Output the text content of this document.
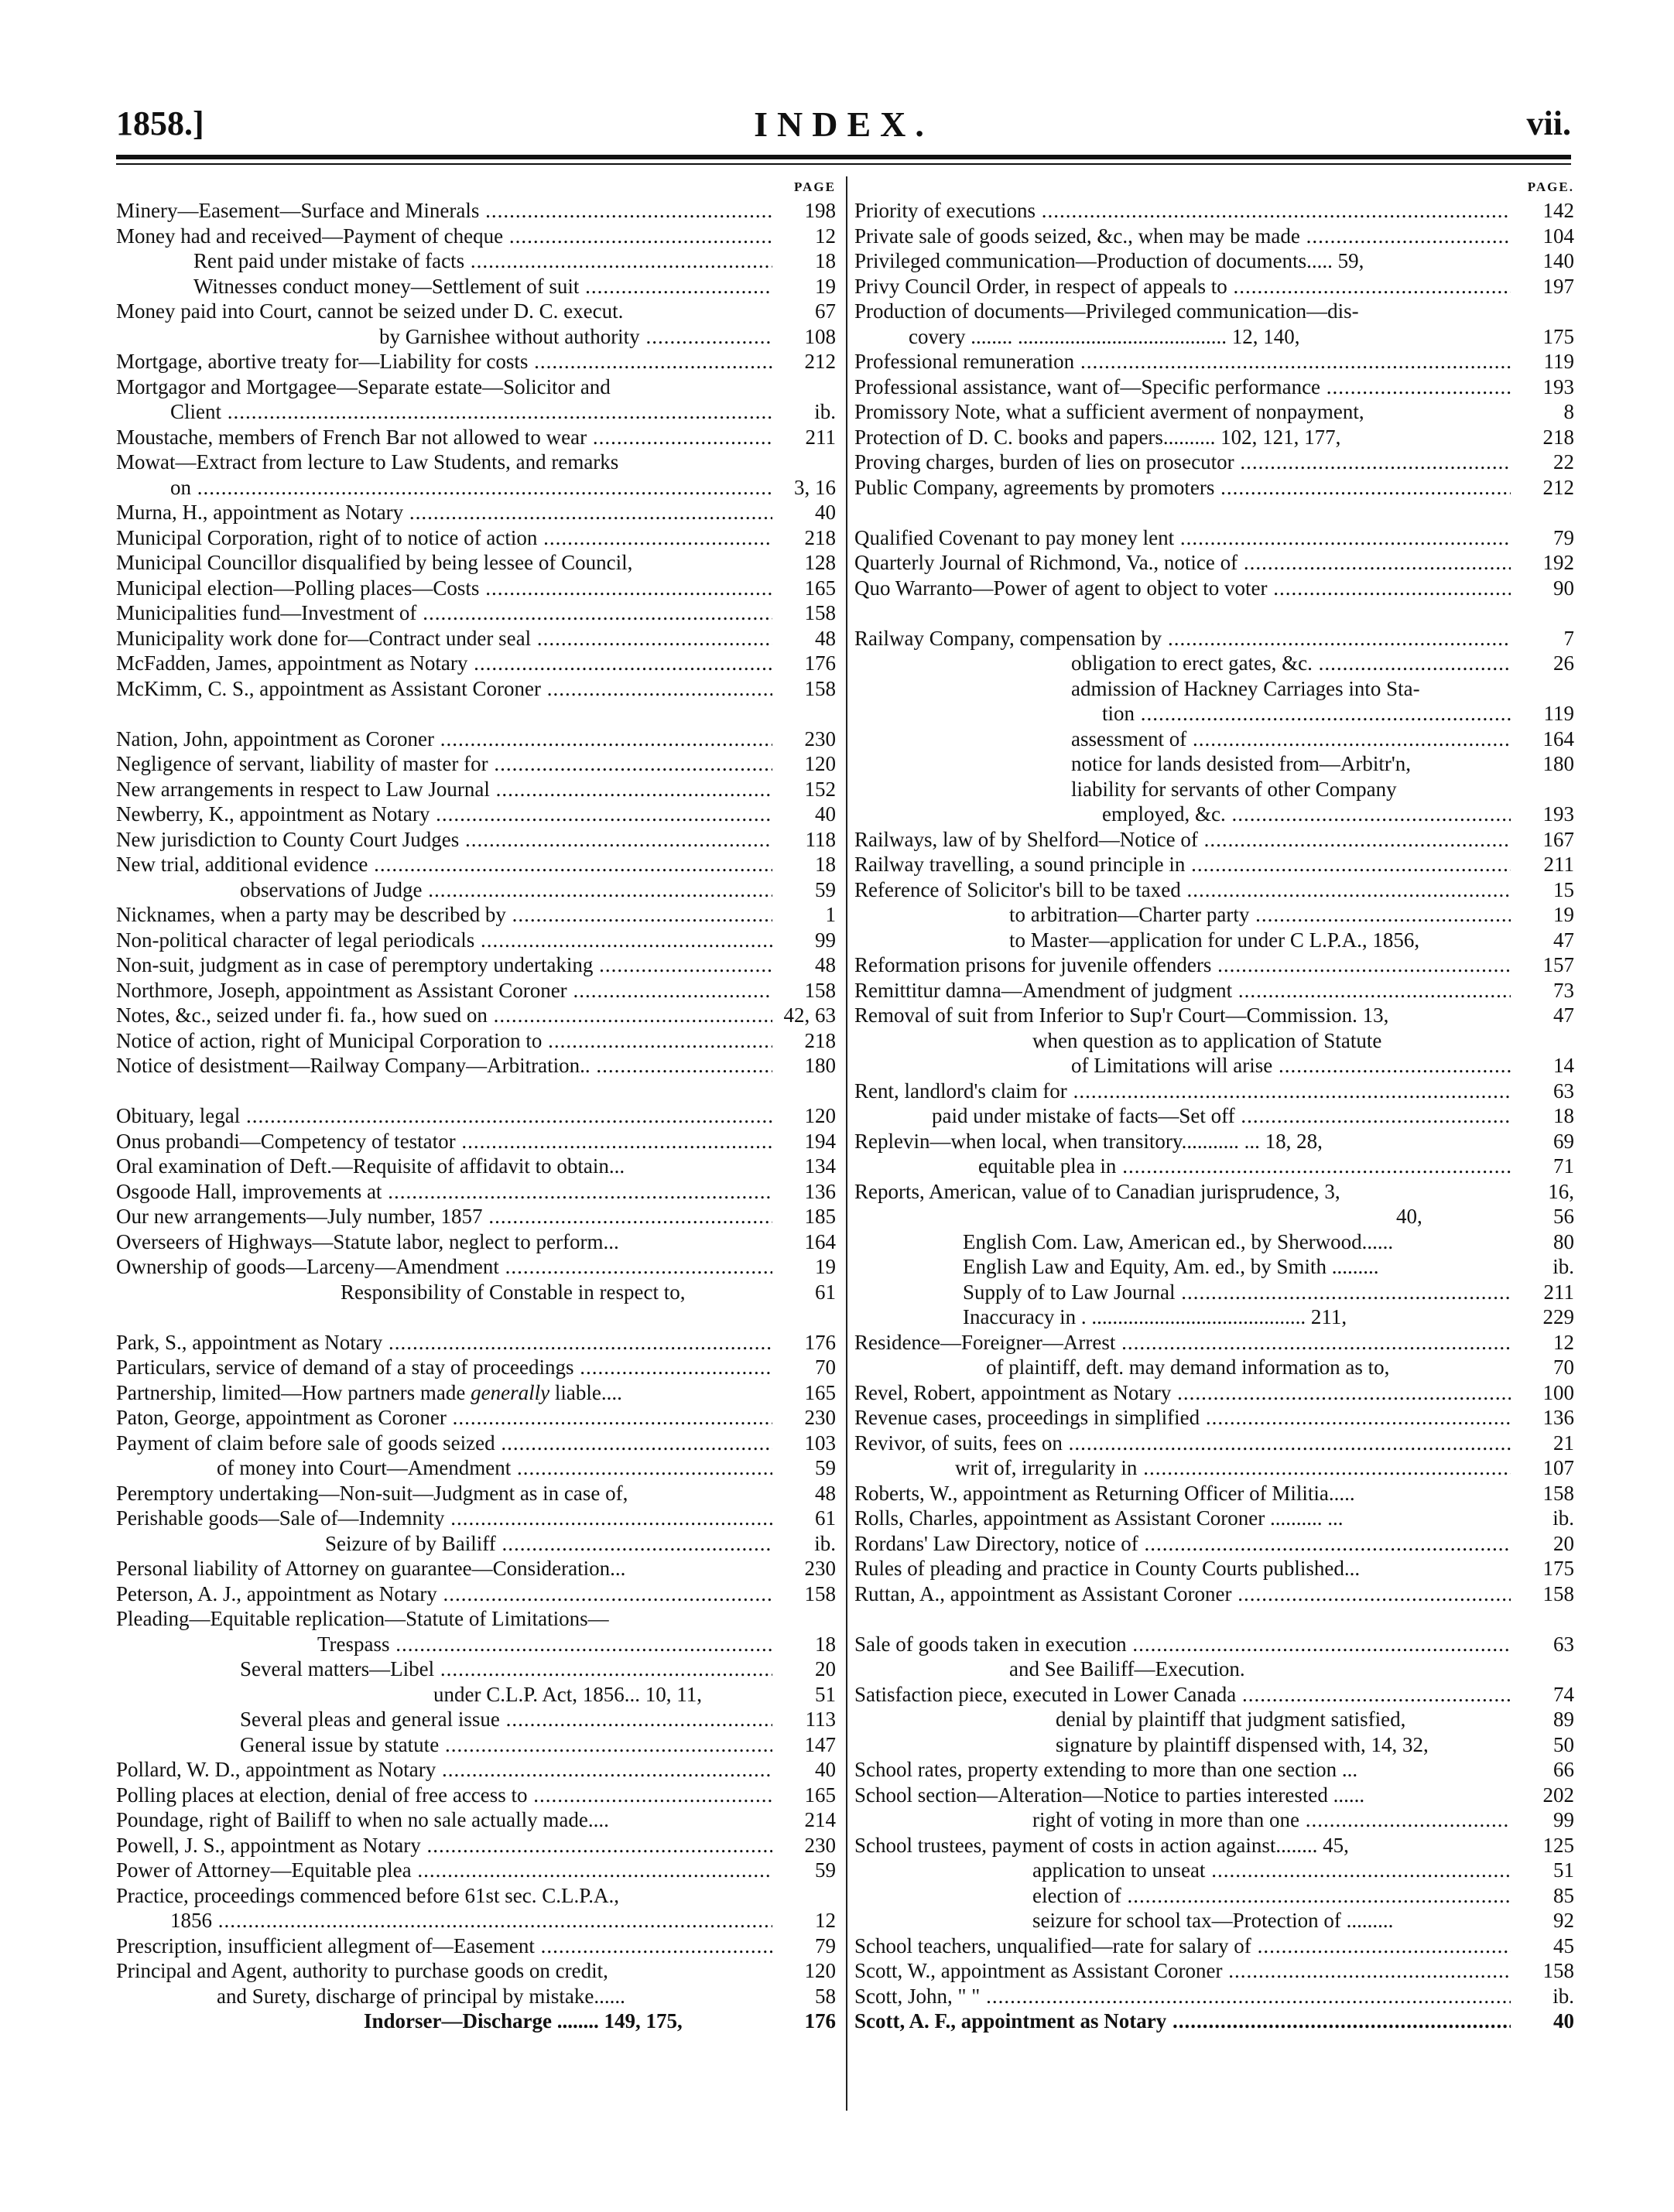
1858.]	INDEX.	vii.
PAGE
Minery—Easement—Surface and Minerals .....	198
Money had and received—Payment of cheque .....	12
Rent paid under mistake of facts .....	18
Witnesses conduct money—Settlement of suit .....	19
Money paid into Court, cannot be seized under D. C. execut.	67
by Garnishee without authority .....	108
Mortgage, abortive treaty for—Liability for costs .....	212
Mortgagor and Mortgagee—Separate estate—Solicitor and
Client .....	ib.
Moustache, members of French Bar not allowed to wear .....	211
Mowat—Extract from lecture to Law Students, and remarks
on .....	3, 16
Murna, H., appointment as Notary .....	40
Municipal Corporation, right of to notice of action .....	218
Municipal Councillor disqualified by being lessee of Council,	128
Municipal election—Polling places—Costs .....	165
Municipalities fund—Investment of .....	158
Municipality work done for—Contract under seal .....	48
McFadden, James, appointment as Notary .....	176
McKimm, C. S., appointment as Assistant Coroner .....	158
Nation, John, appointment as Coroner .....	230
Negligence of servant, liability of master for .....	120
New arrangements in respect to Law Journal .....	152
Newberry, K., appointment as Notary .....	40
New jurisdiction to County Court Judges .....	118
New trial, additional evidence .....	18
observations of Judge .....	59
Nicknames, when a party may be described by .....	1
Non-political character of legal periodicals .....	99
Non-suit, judgment as in case of peremptory undertaking .....	48
Northmore, Joseph, appointment as Assistant Coroner .....	158
Notes, &c., seized under fi. fa., how sued on .....	42, 63
Notice of action, right of Municipal Corporation to .....	218
Notice of desistment—Railway Company—Arbitration.. .....	180
Obituary, legal .....	120
Onus probandi—Competency of testator .....	194
Oral examination of Deft.—Requisite of affidavit to obtain...	134
Osgoode Hall, improvements at .....	136
Our new arrangements—July number, 1857 .....	185
Overseers of Highways—Statute labor, neglect to perform...	164
Ownership of goods—Larceny—Amendment .....	19
Responsibility of Constable in respect to,	61
Park, S., appointment as Notary .....	176
Particulars, service of demand of a stay of proceedings .....	70
Partnership, limited—How partners made generally liable....	165
Paton, George, appointment as Coroner .....	230
Payment of claim before sale of goods seized .....	103
of money into Court—Amendment .....	59
Peremptory undertaking—Non-suit—Judgment as in case of,	48
Perishable goods—Sale of—Indemnity .....	61
Seizure of by Bailiff .....	ib.
Personal liability of Attorney on guarantee—Consideration...	230
Peterson, A. J., appointment as Notary .....	158
Pleading—Equitable replication—Statute of Limitations—
Trespass .....	18
Several matters—Libel .....	20
under C.L.P. Act, 1856... 10, 11,	51
Several pleas and general issue .....	113
General issue by statute .....	147
Pollard, W. D., appointment as Notary .....	40
Polling places at election, denial of free access to .....	165
Poundage, right of Bailiff to when no sale actually made....	214
Powell, J. S., appointment as Notary .....	230
Power of Attorney—Equitable plea .....	59
Practice, proceedings commenced before 61st sec. C.L.P.A.,
1856 .....	12
Prescription, insufficient allegment of—Easement .....	79
Principal and Agent, authority to purchase goods on credit,	120
and Surety, discharge of principal by mistake......	58
Indorser—Discharge ........ 149, 175,	176
PAGE.
Priority of executions .....	142
Private sale of goods seized, &c., when may be made .....	104
Privileged communication—Production of documents..... 59,	140
Privy Council Order, in respect of appeals to .....	197
Production of documents—Privileged communication—dis-
covery ........ ........................................ 12, 140,	175
Professional remuneration .....	119
Professional assistance, want of—Specific performance .....	193
Promissory Note, what a sufficient averment of nonpayment,	8
Protection of D. C. books and papers.......... 102, 121, 177,	218
Proving charges, burden of lies on prosecutor .....	22
Public Company, agreements by promoters .....	212
Qualified Covenant to pay money lent .....	79
Quarterly Journal of Richmond, Va., notice of .....	192
Quo Warranto—Power of agent to object to voter .....	90
Railway Company, compensation by .....	7
obligation to erect gates, &c. .....	26
admission of Hackney Carriages into Sta-
tion .....	119
assessment of .....	164
notice for lands desisted from—Arbitr'n,	180
liability for servants of other Company
employed, &c. .....	193
Railways, law of by Shelford—Notice of .....	167
Railway travelling, a sound principle in .....	211
Reference of Solicitor's bill to be taxed .....	15
to arbitration—Charter party .....	19
to Master—application for under C L.P.A., 1856,	47
Reformation prisons for juvenile offenders .....	157
Remittitur damna—Amendment of judgment .....	73
Removal of suit from Inferior to Sup'r Court—Commission. 13,	47
when question as to application of Statute
of Limitations will arise .....	14
Rent, landlord's claim for .....	63
paid under mistake of facts—Set off .....	18
Replevin—when local, when transitory........... ... 18, 28,	69
equitable plea in .....	71
Reports, American, value of to Canadian jurisprudence, 3,	16,
40,	56
English Com. Law, American ed., by Sherwood......	80
English Law and Equity, Am. ed., by Smith .........	ib.
Supply of to Law Journal .....	211
Inaccuracy in . ......................................... 211,	229
Residence—Foreigner—Arrest .....	12
of plaintiff, deft. may demand information as to,	70
Revel, Robert, appointment as Notary .....	100
Revenue cases, proceedings in simplified .....	136
Revivor, of suits, fees on .....	21
writ of, irregularity in .....	107
Roberts, W., appointment as Returning Officer of Militia.....	158
Rolls, Charles, appointment as Assistant Coroner .......... ...	ib.
Rordans' Law Directory, notice of .....	20
Rules of pleading and practice in County Courts published...	175
Ruttan, A., appointment as Assistant Coroner .....	158
Sale of goods taken in execution .....	63
and See Bailiff—Execution.
Satisfaction piece, executed in Lower Canada .....	74
denial by plaintiff that judgment satisfied,	89
signature by plaintiff dispensed with, 14, 32,	50
School rates, property extending to more than one section ...	66
School section—Alteration—Notice to parties interested ......	202
right of voting in more than one .....	99
School trustees, payment of costs in action against........ 45,	125
application to unseat .....	51
election of .....	85
seizure for school tax—Protection of .........	92
School teachers, unqualified—rate for salary of .....	45
Scott, W., appointment as Assistant Coroner .....	158
Scott, John, " " .....	ib.
Scott, A. F., appointment as Notary .....	40
